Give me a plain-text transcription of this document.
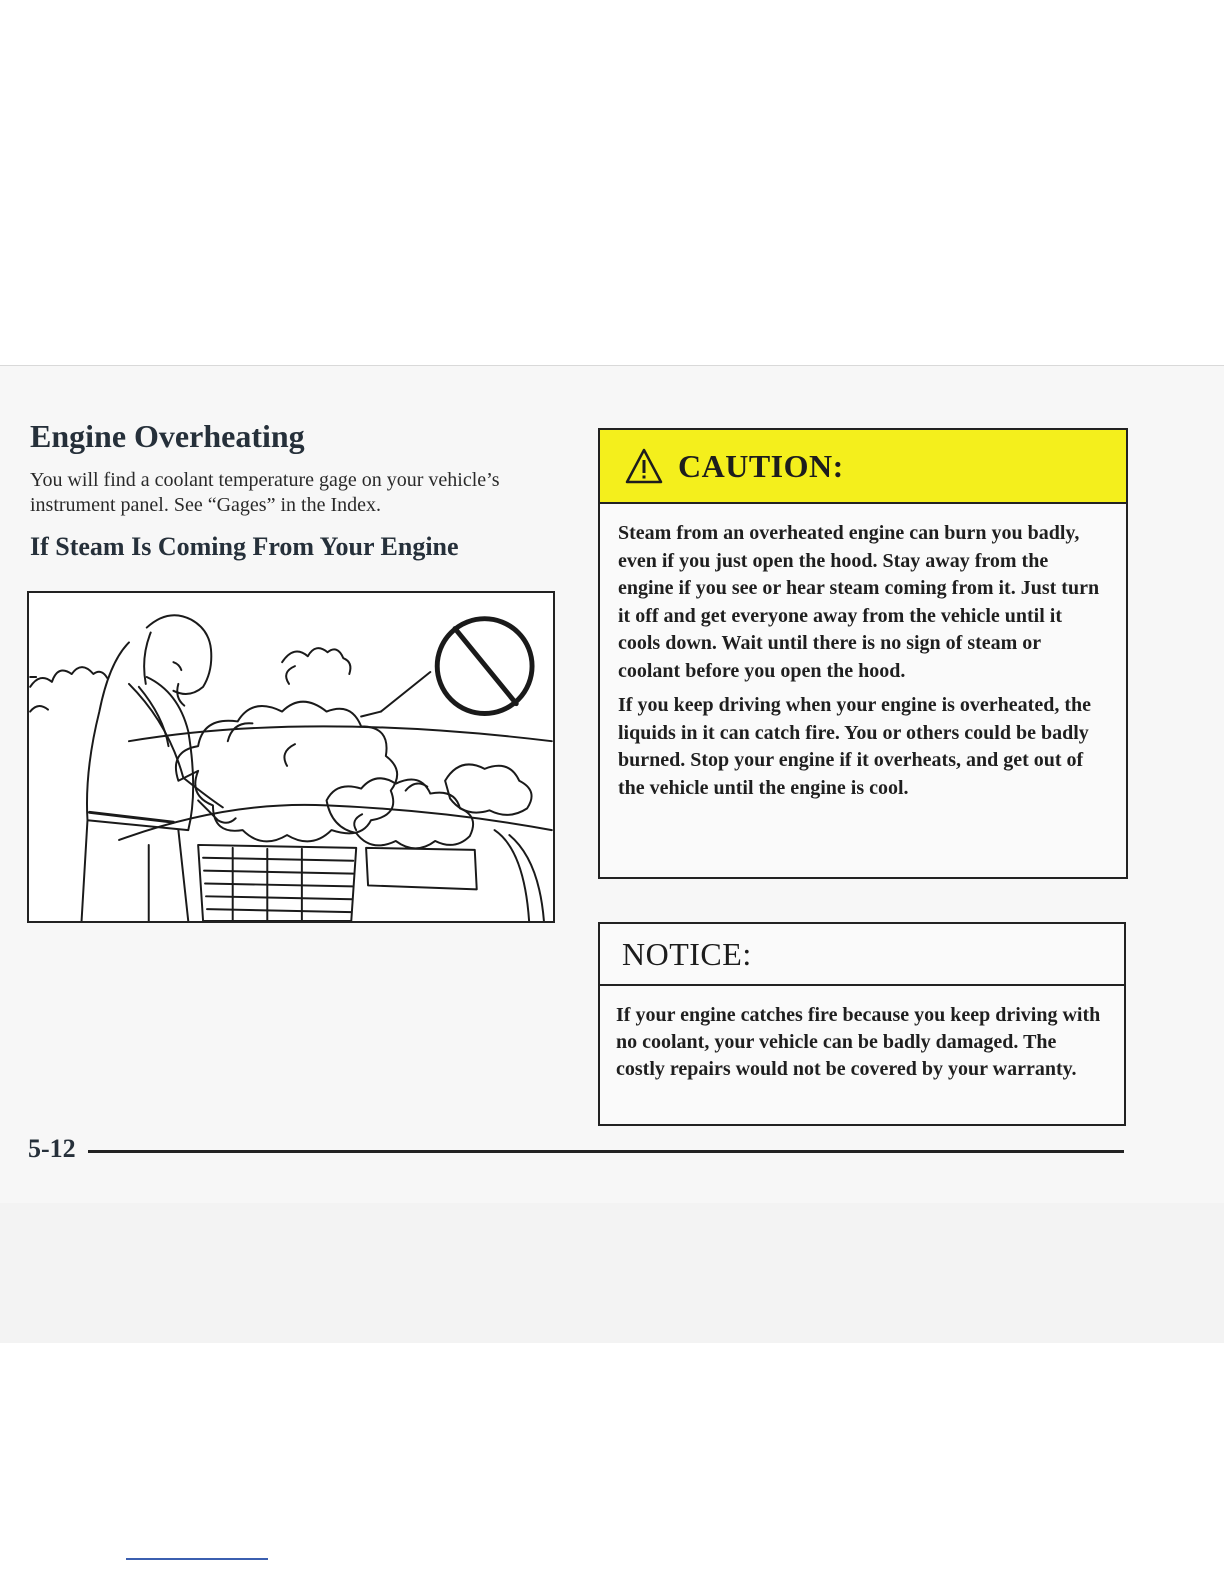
Engine Overheating

You will find a coolant temperature gage on your vehicle’s instrument panel. See “Gages” in the Index.

If Steam Is Coming From Your Engine
CAUTION:

Steam from an overheated engine can burn you badly, even if you just open the hood. Stay away from the engine if you see or hear steam coming from it. Just turn it off and get everyone away from the vehicle until it cools down. Wait until there is no sign of steam or coolant before you open the hood.

If you keep driving when your engine is overheated, the liquids in it can catch fire. You or others could be badly burned. Stop your engine if it overheats, and get out of the vehicle until the engine is cool.

NOTICE:

If your engine catches fire because you keep driving with no coolant, your vehicle can be badly damaged. The costly repairs would not be covered by your warranty.

5-12
